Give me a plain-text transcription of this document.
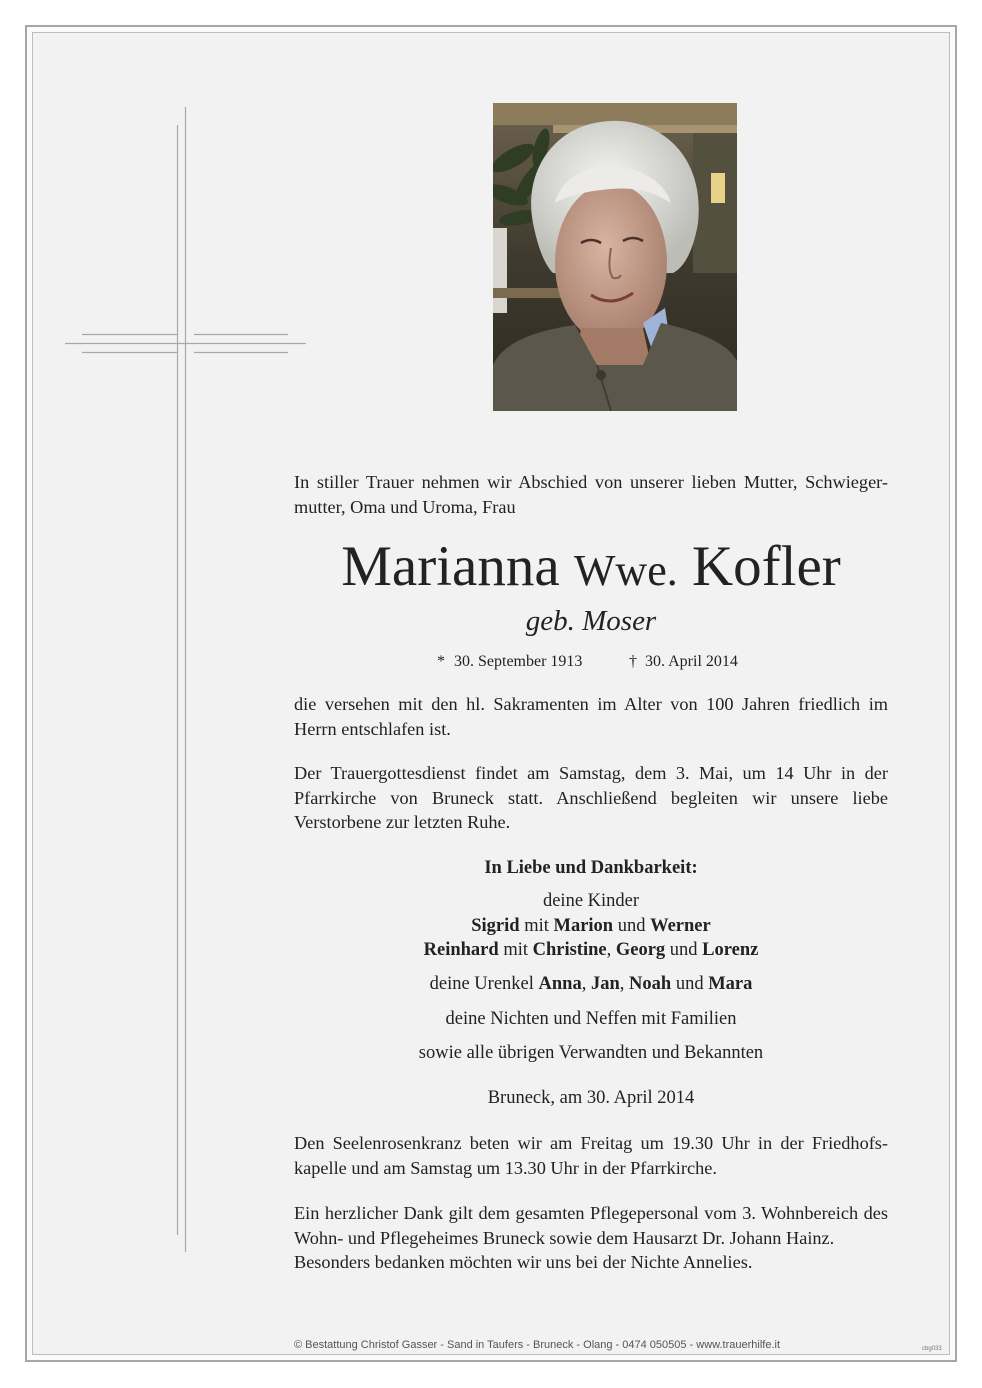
In stiller Trauer nehmen wir Abschied von unserer lieben Mutter, Schwieger-
mutter, Oma und Uroma, Frau
Marianna Wwe. Kofler
geb. Moser
* 30. September 1913	† 30. April 2014
die versehen mit den hl. Sakramenten im Alter von 100 Jahren friedlich im
Herrn entschlafen ist.
Der Trauergottesdienst findet am Samstag, dem 3. Mai, um 14 Uhr in der
Pfarrkirche von Bruneck statt. Anschließend begleiten wir unsere liebe
Verstorbene zur letzten Ruhe.
In Liebe und Dankbarkeit:
deine Kinder
Sigrid mit Marion und Werner
Reinhard mit Christine, Georg und Lorenz
deine Urenkel Anna, Jan, Noah und Mara
deine Nichten und Neffen mit Familien
sowie alle übrigen Verwandten und Bekannten
Bruneck, am 30. April 2014
Den Seelenrosenkranz beten wir am Freitag um 19.30 Uhr in der Friedhofs-
kapelle und am Samstag um 13.30 Uhr in der Pfarrkirche.
Ein herzlicher Dank gilt dem gesamten Pflegepersonal vom 3. Wohnbereich des
Wohn- und Pflegeheimes Bruneck sowie dem Hausarzt Dr. Johann Hainz.
Besonders bedanken möchten wir uns bei der Nichte Annelies.
© Bestattung Christof Gasser - Sand in Taufers - Bruneck - Olang - 0474 050505 - www.trauerhilfe.it	cbg033
